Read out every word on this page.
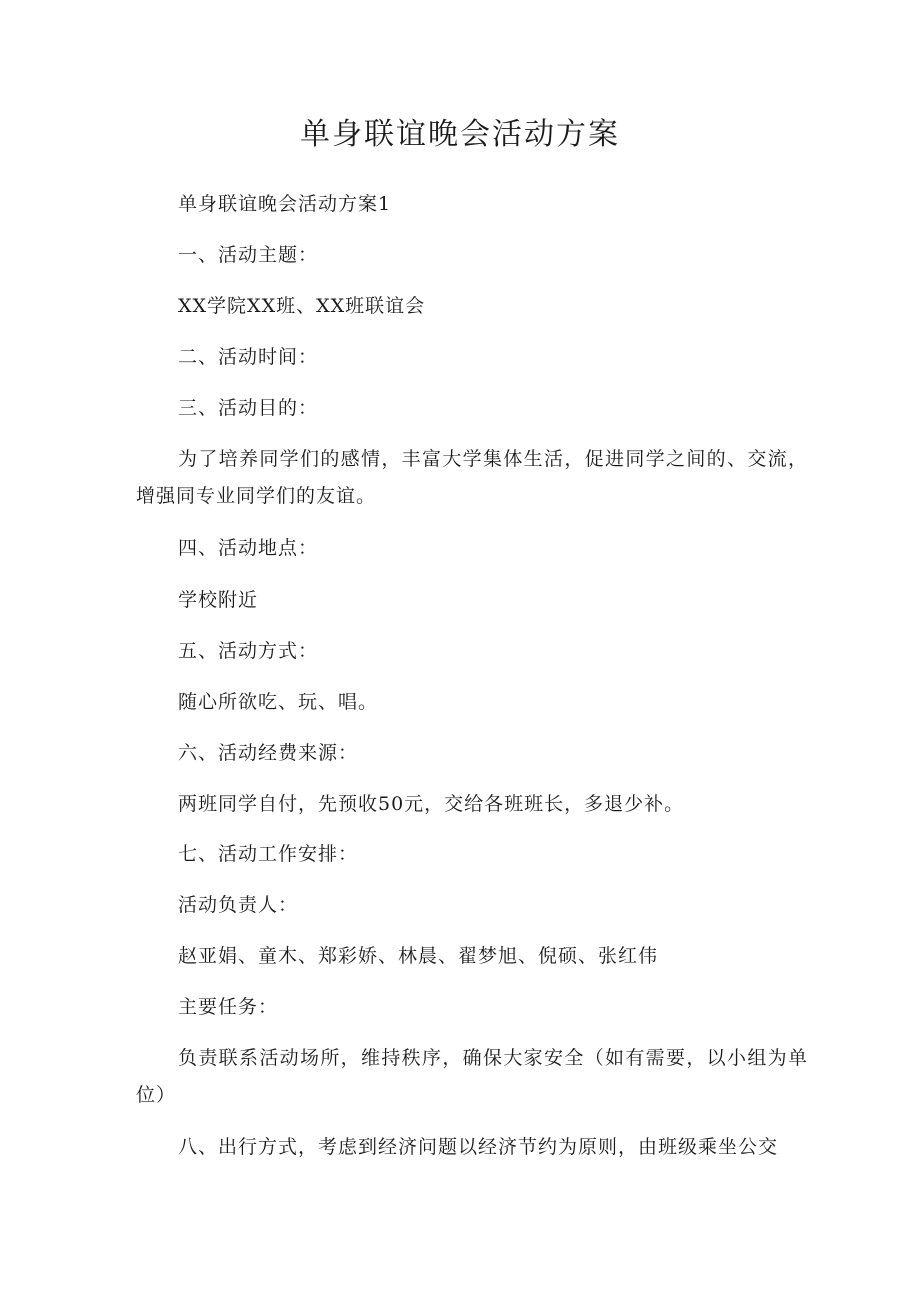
单身联谊晚会活动方案
单身联谊晚会活动方案1
一、活动主题：
XX学院XX班、XX班联谊会
二、活动时间：
三、活动目的：
为了培养同学们的感情，丰富大学集体生活，促进同学之间的、交流，增强同专业同学们的友谊。
四、活动地点：
学校附近
五、活动方式：
随心所欲吃、玩、唱。
六、活动经费来源：
两班同学自付，先预收50元，交给各班班长，多退少补。
七、活动工作安排：
活动负责人：
赵亚娟、童木、郑彩娇、林晨、翟梦旭、倪硕、张红伟
主要任务：
负责联系活动场所，维持秩序，确保大家安全（如有需要，以小组为单位）
八、出行方式，考虑到经济问题以经济节约为原则，由班级乘坐公交
